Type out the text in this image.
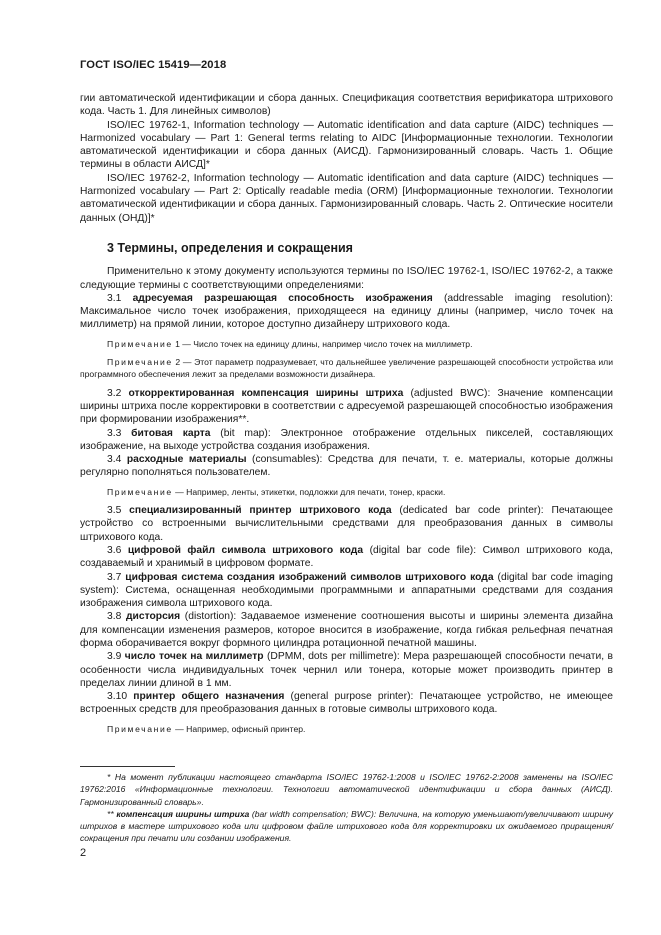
ГОСТ ISO/IEC 15419—2018

гии автоматической идентификации и сбора данных. Спецификация соответствия верификатора штрихового кода. Часть 1. Для линейных символов)

ISO/IEC 19762-1, Information technology — Automatic identification and data capture (AIDC) techniques — Harmonized vocabulary — Part 1: General terms relating to AIDC [Информационные технологии. Технологии автоматической идентификации и сбора данных (АИСД). Гармонизированный словарь. Часть 1. Общие термины в области АИСД]*

ISO/IEC 19762-2, Information technology — Automatic identification and data capture (AIDC) techniques — Harmonized vocabulary — Part 2: Optically readable media (ORM) [Информационные технологии. Технологии автоматической идентификации и сбора данных. Гармонизированный словарь. Часть 2. Оптические носители данных (ОНД)]*

3 Термины, определения и сокращения

Применительно к этому документу используются термины по ISO/IEC 19762-1, ISO/IEC 19762-2, а также следующие термины с соответствующими определениями:

3.1 адресуемая разрешающая способность изображения (addressable imaging resolution): Максимальное число точек изображения, приходящееся на единицу длины (например, число точек на миллиметр) на прямой линии, которое доступно дизайнеру штрихового кода.

Примечание 1 — Число точек на единицу длины, например число точек на миллиметр.

Примечание 2 — Этот параметр подразумевает, что дальнейшее увеличение разрешающей способности устройства или программного обеспечения лежит за пределами возможности дизайнера.

3.2 откорректированная компенсация ширины штриха (adjusted BWC): Значение компенсации ширины штриха после корректировки в соответствии с адресуемой разрешающей способностью изображения при формировании изображения**.

3.3 битовая карта (bit map): Электронное отображение отдельных пикселей, составляющих изображение, на выходе устройства создания изображения.

3.4 расходные материалы (consumables): Средства для печати, т. е. материалы, которые должны регулярно пополняться пользователем.

Примечание — Например, ленты, этикетки, подложки для печати, тонер, краски.

3.5 специализированный принтер штрихового кода (dedicated bar code printer): Печатающее устройство со встроенными вычислительными средствами для преобразования данных в символы штрихового кода.

3.6 цифровой файл символа штрихового кода (digital bar code file): Символ штрихового кода, создаваемый и хранимый в цифровом формате.

3.7 цифровая система создания изображений символов штрихового кода (digital bar code imaging system): Система, оснащенная необходимыми программными и аппаратными средствами для создания изображения символа штрихового кода.

3.8 дисторсия (distortion): Задаваемое изменение соотношения высоты и ширины элемента дизайна для компенсации изменения размеров, которое вносится в изображение, когда гибкая рельефная печатная форма оборачивается вокруг формного цилиндра ротационной печатной машины.

3.9 число точек на миллиметр (DPMM, dots per millimetre): Мера разрешающей способности печати, в особенности числа индивидуальных точек чернил или тонера, которые может производить принтер в пределах линии длиной в 1 мм.

3.10 принтер общего назначения (general purpose printer): Печатающее устройство, не имеющее встроенных средств для преобразования данных в готовые символы штрихового кода.

Примечание — Например, офисный принтер.

* На момент публикации настоящего стандарта ISO/IEC 19762-1:2008 и ISO/IEC 19762-2:2008 заменены на ISO/IEC 19762:2016 «Информационные технологии. Технологии автоматической идентификации и сбора данных (АИСД). Гармонизированный словарь».

** компенсация ширины штриха (bar width compensation; BWC): Величина, на которую уменьшают/увеличивают ширину штрихов в мастере штрихового кода или цифровом файле штрихового кода для корректировки их ожидаемого приращения/сокращения при печати или создании изображения.

2
